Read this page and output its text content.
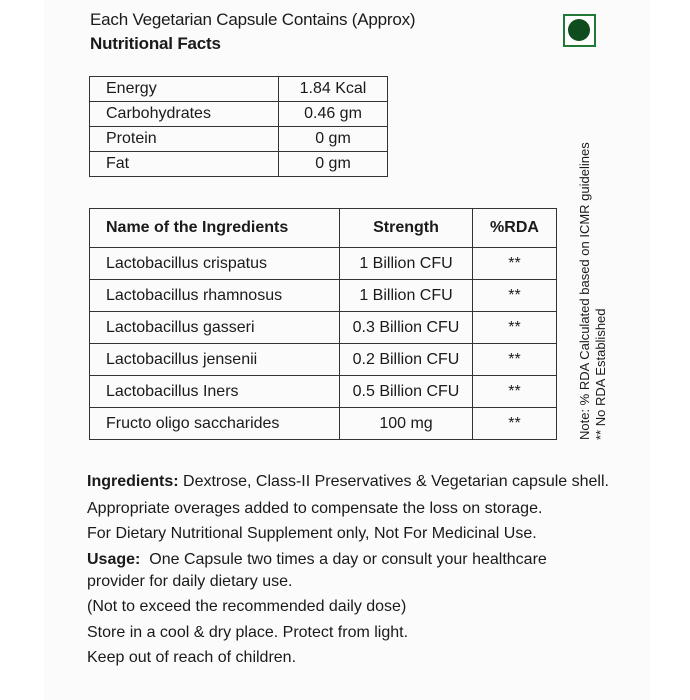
Each Vegetarian Capsule Contains (Approx)
Nutritional Facts
Energy	1.84 Kcal
Carbohydrates	0.46 gm
Protein	0 gm
Fat	0 gm
Name of the Ingredients	Strength	%RDA
Lactobacillus crispatus	1 Billion CFU	**
Lactobacillus rhamnosus	1 Billion CFU	**
Lactobacillus gasseri	0.3 Billion CFU	**
Lactobacillus jensenii	0.2 Billion CFU	**
Lactobacillus Iners	0.5 Billion CFU	**
Fructo oligo saccharides	100 mg	**	Note: % RDA Calculated based on ICMR guidelines ** No RDA Established
Ingredients: Dextrose, Class-II Preservatives & Vegetarian capsule shell.
Appropriate overages added to compensate the loss on storage.
For Dietary Nutritional Supplement only, Not For Medicinal Use.
Usage: One Capsule two times a day or consult your healthcare
provider for daily dietary use.
(Not to exceed the recommended daily dose)
Store in a cool & dry place. Protect from light.
Keep out of reach of children.
